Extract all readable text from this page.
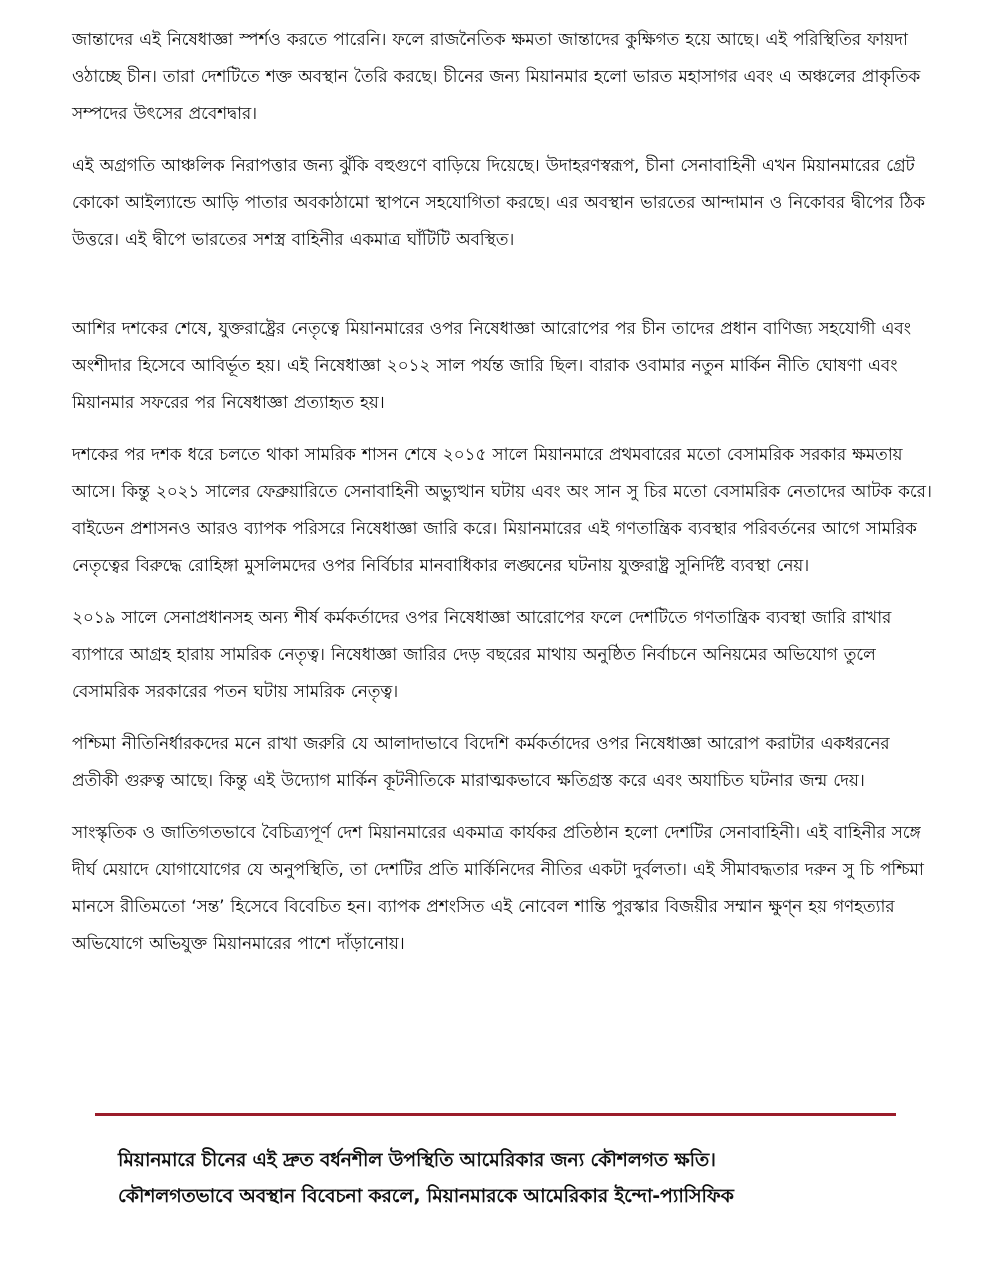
জান্তাদের এই নিষেধাজ্ঞা স্পর্শও করতে পারেনি। ফলে রাজনৈতিক ক্ষমতা জান্তাদের কুক্ষিগত হয়ে আছে। এই পরিস্থিতির ফায়দা ওঠাচ্ছে চীন। তারা দেশটিতে শক্ত অবস্থান তৈরি করছে। চীনের জন্য মিয়ানমার হলো ভারত মহাসাগর এবং এ অঞ্চলের প্রাকৃতিক সম্পদের উৎসের প্রবেশদ্বার।

এই অগ্রগতি আঞ্চলিক নিরাপত্তার জন্য ঝুঁকি বহুগুণে বাড়িয়ে দিয়েছে। উদাহরণস্বরূপ, চীনা সেনাবাহিনী এখন মিয়ানমারের গ্রেট কোকো আইল্যান্ডে আড়ি পাতার অবকাঠামো স্থাপনে সহযোগিতা করছে। এর অবস্থান ভারতের আন্দামান ও নিকোবর দ্বীপের ঠিক উত্তরে। এই দ্বীপে ভারতের সশস্ত্র বাহিনীর একমাত্র ঘাঁটিটি অবস্থিত।

আশির দশকের শেষে, যুক্তরাষ্ট্রের নেতৃত্বে মিয়ানমারের ওপর নিষেধাজ্ঞা আরোপের পর চীন তাদের প্রধান বাণিজ্য সহযোগী এবং অংশীদার হিসেবে আবির্ভূত হয়। এই নিষেধাজ্ঞা ২০১২ সাল পর্যন্ত জারি ছিল। বারাক ওবামার নতুন মার্কিন নীতি ঘোষণা এবং মিয়ানমার সফরের পর নিষেধাজ্ঞা প্রত্যাহৃত হয়।

দশকের পর দশক ধরে চলতে থাকা সামরিক শাসন শেষে ২০১৫ সালে মিয়ানমারে প্রথমবারের মতো বেসামরিক সরকার ক্ষমতায় আসে। কিন্তু ২০২১ সালের ফেব্রুয়ারিতে সেনাবাহিনী অভ্যুত্থান ঘটায় এবং অং সান সু চির মতো বেসামরিক নেতাদের আটক করে। বাইডেন প্রশাসনও আরও ব্যাপক পরিসরে নিষেধাজ্ঞা জারি করে। মিয়ানমারের এই গণতান্ত্রিক ব্যবস্থার পরিবর্তনের আগে সামরিক নেতৃত্বের বিরুদ্ধে রোহিঙ্গা মুসলিমদের ওপর নির্বিচার মানবাধিকার লঙ্ঘনের ঘটনায় যুক্তরাষ্ট্র সুনির্দিষ্ট ব্যবস্থা নেয়।

২০১৯ সালে সেনাপ্রধানসহ অন্য শীর্ষ কর্মকর্তাদের ওপর নিষেধাজ্ঞা আরোপের ফলে দেশটিতে গণতান্ত্রিক ব্যবস্থা জারি রাখার ব্যাপারে আগ্রহ হারায় সামরিক নেতৃত্ব। নিষেধাজ্ঞা জারির দেড় বছরের মাথায় অনুষ্ঠিত নির্বাচনে অনিয়মের অভিযোগ তুলে বেসামরিক সরকারের পতন ঘটায় সামরিক নেতৃত্ব।

পশ্চিমা নীতিনির্ধারকদের মনে রাখা জরুরি যে আলাদাভাবে বিদেশি কর্মকর্তাদের ওপর নিষেধাজ্ঞা আরোপ করাটার একধরনের প্রতীকী গুরুত্ব আছে। কিন্তু এই উদ্যোগ মার্কিন কূটনীতিকে মারাত্মকভাবে ক্ষতিগ্রস্ত করে এবং অযাচিত ঘটনার জন্ম দেয়।

সাংস্কৃতিক ও জাতিগতভাবে বৈচিত্র্যপূর্ণ দেশ মিয়ানমারের একমাত্র কার্যকর প্রতিষ্ঠান হলো দেশটির সেনাবাহিনী। এই বাহিনীর সঙ্গে দীর্ঘ মেয়াদে যোগাযোগের যে অনুপস্থিতি, তা দেশটির প্রতি মার্কিনিদের নীতির একটা দুর্বলতা। এই সীমাবদ্ধতার দরুন সু চি পশ্চিমা মানসে রীতিমতো ‘সন্ত’ হিসেবে বিবেচিত হন। ব্যাপক প্রশংসিত এই নোবেল শান্তি পুরস্কার বিজয়ীর সম্মান ক্ষুণ্ন হয় গণহত্যার অভিযোগে অভিযুক্ত মিয়ানমারের পাশে দাঁড়ানোয়।

মিয়ানমারে চীনের এই দ্রুত বর্ধনশীল উপস্থিতি আমেরিকার জন্য কৌশলগত ক্ষতি।

কৌশলগতভাবে অবস্থান বিবেচনা করলে, মিয়ানমারকে আমেরিকার ইন্দো-প্যাসিফিক
